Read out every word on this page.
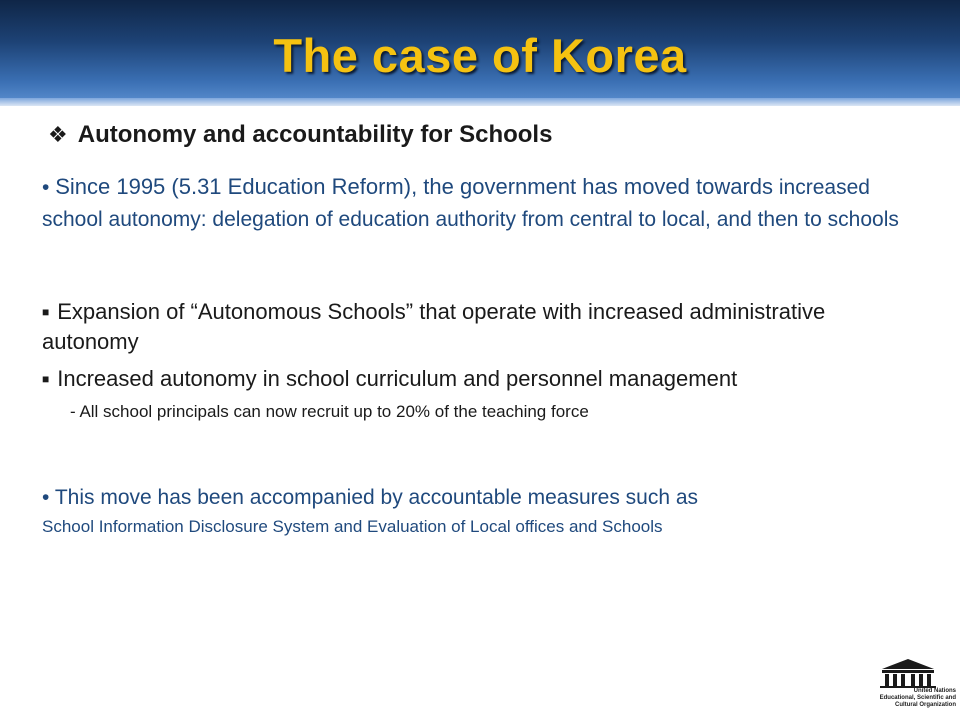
The case of Korea
❖ Autonomy and accountability for Schools
• Since 1995 (5.31 Education Reform), the government has moved towards increased school autonomy: delegation of education authority from central to local, and then to schools
■ Expansion of “Autonomous Schools” that operate with increased administrative autonomy
■ Increased autonomy in school curriculum and personnel management
- All school principals can now recruit up to 20% of the teaching force
• This move has been accompanied by accountable measures such as
School Information Disclosure System and Evaluation of Local offices and Schools
United Nations
Educational, Scientific and
Cultural Organization
